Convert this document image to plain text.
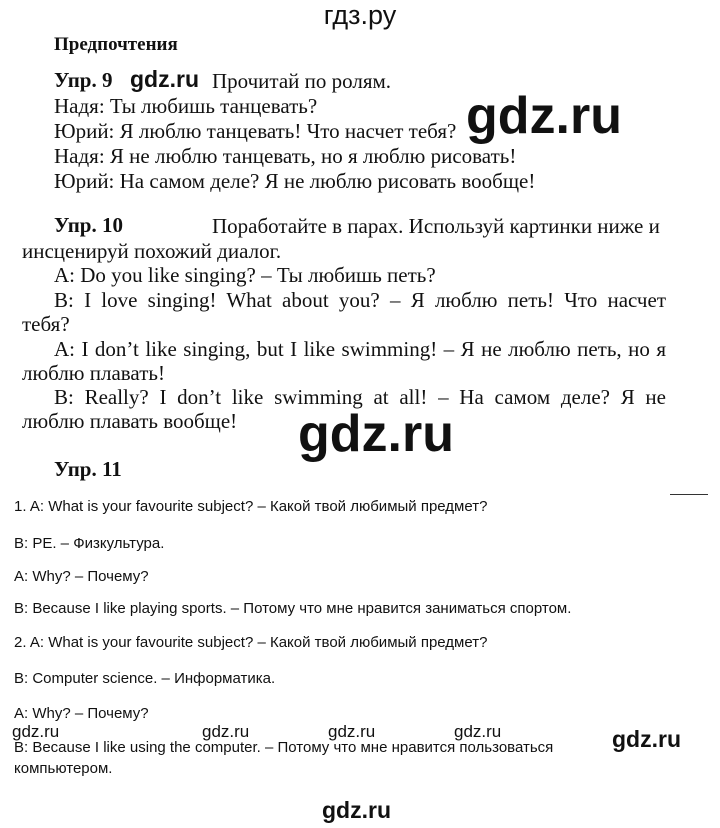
гдз.ру
Предпочтения
Упр. 9 gdz.ru Прочитай по ролям.
Надя: Ты любишь танцевать?
Юрий: Я люблю танцевать! Что насчет тебя?
Надя: Я не люблю танцевать, но я люблю рисовать!
Юрий: На самом деле? Я не люблю рисовать вообще!
gdz.ru
Упр. 10	Поработайте в парах. Используй картинки ниже и
инсценируй похожий диалог.
A: Do you like singing? – Ты любишь петь?
B: I love singing! What about you? – Я люблю петь! Что насчет
тебя?
A: I don’t like singing, but I like swimming! – Я не люблю петь, но я
люблю плавать!
B: Really? I don’t like swimming at all! – На самом деле? Я не
люблю плавать вообще! gdz.ru
Упр. 11
1. A: What is your favourite subject? – Какой твой любимый предмет?
B: PE. – Физкультура.
A: Why? – Почему?
B: Because I like playing sports. – Потому что мне нравится заниматься спортом.
2. A: What is your favourite subject? – Какой твой любимый предмет?
B: Computer science. – Информатика.
A: Why? – Почему?
gdz.ru	gdz.ru	gdz.ru	gdz.ru
B: Because I like using the computer. – Потому что мне нравится пользоваться
компьютером.
gdz.ru
gdz.ru
